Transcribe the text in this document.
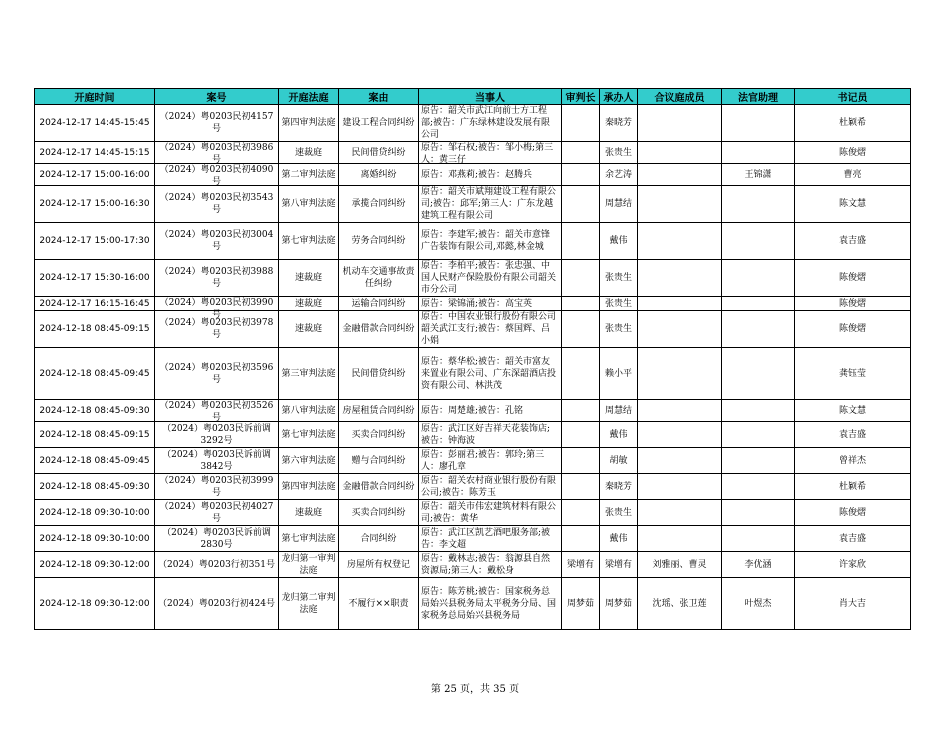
开庭时间	案号	开庭法庭	案由	当事人	审判长	承办人	合议庭成员	法官助理	书记员

2024-12-17 14:45-15:45	（2024）粤0203民初4157号	第四审判法庭	建设工程合同纠纷	原告：韶关市武江向前士方工程部;被告：广东绿林建设发展有限公司		秦晓芳			杜颖希

2024-12-17 14:45-15:15	（2024）粤0203民初3986号	速裁庭	民间借贷纠纷	原告：邹石权;被告：邹小梅;第三人：黄三仔		张贵生			陈俊熠

2024-12-17 15:00-16:00	（2024）粤0203民初4090号	第二审判法庭	离婚纠纷	原告：邓燕莉;被告：赵腾兵		余艺涛		王锦潇	曹亮

2024-12-17 15:00-16:30	（2024）粤0203民初3543号	第八审判法庭	承揽合同纠纷	原告：韶关市斌翔建设工程有限公司;被告：邱军;第三人：广东龙越建筑工程有限公司		周慧结			陈文慧

2024-12-17 15:00-17:30	（2024）粤0203民初3004号	第七审判法庭	劳务合同纠纷	原告：李建军;被告：韶关市意锋广告装饰有限公司,邓懿,林金城		戴伟			袁吉盛

2024-12-17 15:30-16:00	（2024）粤0203民初3988号	速裁庭	机动车交通事故责任纠纷	原告：李柏平;被告：张忠强、中国人民财产保险股份有限公司韶关市分公司		张贵生			陈俊熠

2024-12-17 16:15-16:45	（2024）粤0203民初3990号	速裁庭	运输合同纠纷	原告：梁锦涌;被告：高宝英		张贵生			陈俊熠

2024-12-18 08:45-09:15	（2024）粤0203民初3978号	速裁庭	金融借款合同纠纷	原告：中国农业银行股份有限公司韶关武江支行;被告：蔡国辉、吕小娟		张贵生			陈俊熠

2024-12-18 08:45-09:45	（2024）粤0203民初3596号	第三审判法庭	民间借贷纠纷	原告：蔡华松;被告：韶关市富友来置业有限公司、广东深韶酒店投资有限公司、林洪茂		赖小平			龚钰莹

2024-12-18 08:45-09:30	（2024）粤0203民初3526号	第八审判法庭	房屋租赁合同纠纷	原告：周楚雄;被告：孔铭		周慧结			陈文慧

2024-12-18 08:45-09:15	（2024）粤0203民诉前调3292号	第七审判法庭	买卖合同纠纷	原告：武江区好吉祥天花装饰店;被告：钟海波		戴伟			袁吉盛

2024-12-18 08:45-09:45	（2024）粤0203民诉前调3842号	第六审判法庭	赠与合同纠纷	原告：彭丽君;被告：郭玲;第三人：廖孔章		胡敏			曾祥杰

2024-12-18 08:45-09:30	（2024）粤0203民初3999号	第四审判法庭	金融借款合同纠纷	原告：韶关农村商业银行股份有限公司;被告：陈芳玉		秦晓芳			杜颖希

2024-12-18 09:30-10:00	（2024）粤0203民初4027号	速裁庭	买卖合同纠纷	原告：韶关市伟宏建筑材料有限公司;被告：黄华		张贵生			陈俊熠

2024-12-18 09:30-10:00	（2024）粤0203民诉前调2830号	第七审判法庭	合同纠纷	原告：武江区凯艺酒吧服务部;被告：李文超		戴伟			袁吉盛

2024-12-18 09:30-12:00	（2024）粤0203行初351号	龙归第一审判法庭	房屋所有权登记	原告：戴林志;被告：翁源县自然资源局;第三人：戴松身	梁增有	梁增有	刘雅丽、曹灵	李优涵	许家欣

2024-12-18 09:30-12:00	（2024）粤0203行初424号	龙归第二审判法庭	不履行××职责	原告：陈芳桃;被告：国家税务总局始兴县税务局太平税务分局、国家税务总局始兴县税务局	周梦茹	周梦茹	沈瑶、张卫莲	叶煜杰	肖大吉
第 25 页，共 35 页
